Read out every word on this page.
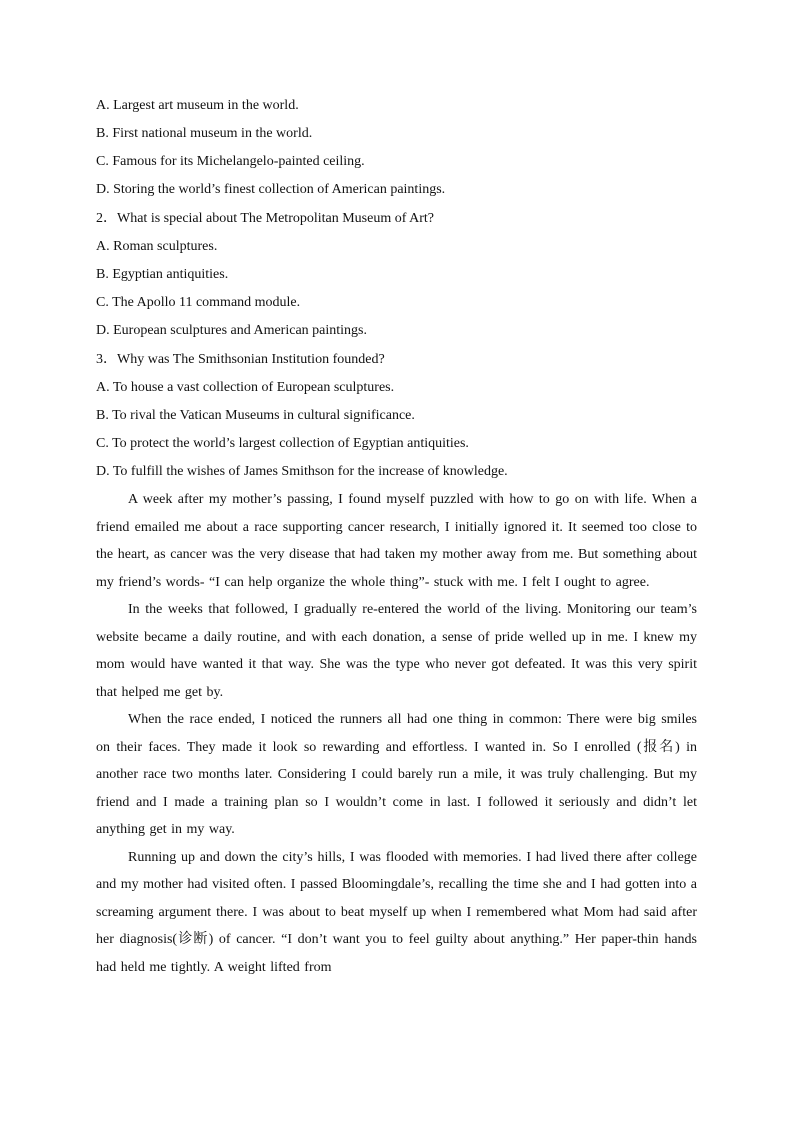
A. Largest art museum in the world.
B. First national museum in the world.
C. Famous for its Michelangelo-painted ceiling.
D. Storing the world’s finest collection of American paintings.
2．What is special about The Metropolitan Museum of Art?
A. Roman sculptures.
B. Egyptian antiquities.
C. The Apollo 11 command module.
D. European sculptures and American paintings.
3．Why was The Smithsonian Institution founded?
A. To house a vast collection of European sculptures.
B. To rival the Vatican Museums in cultural significance.
C. To protect the world’s largest collection of Egyptian antiquities.
D. To fulfill the wishes of James Smithson for the increase of knowledge.

A week after my mother’s passing, I found myself puzzled with how to go on with life. When a friend emailed me about a race supporting cancer research, I initially ignored it. It seemed too close to the heart, as cancer was the very disease that had taken my mother away from me. But something about my friend’s words- “I can help organize the whole thing”- stuck with me. I felt I ought to agree.

In the weeks that followed, I gradually re-entered the world of the living. Monitoring our team’s website became a daily routine, and with each donation, a sense of pride welled up in me. I knew my mom would have wanted it that way. She was the type who never got defeated. It was this very spirit that helped me get by.

When the race ended, I noticed the runners all had one thing in common: There were big smiles on their faces. They made it look so rewarding and effortless. I wanted in. So I enrolled (报名) in another race two months later. Considering I could barely run a mile, it was truly challenging. But my friend and I made a training plan so I wouldn’t come in last. I followed it seriously and didn’t let anything get in my way.

Running up and down the city’s hills, I was flooded with memories. I had lived there after college and my mother had visited often. I passed Bloomingdale’s, recalling the time she and I had gotten into a screaming argument there. I was about to beat myself up when I remembered what Mom had said after her diagnosis(诊断) of cancer. “I don’t want you to feel guilty about anything.” Her paper-thin hands had held me tightly. A weight lifted from
